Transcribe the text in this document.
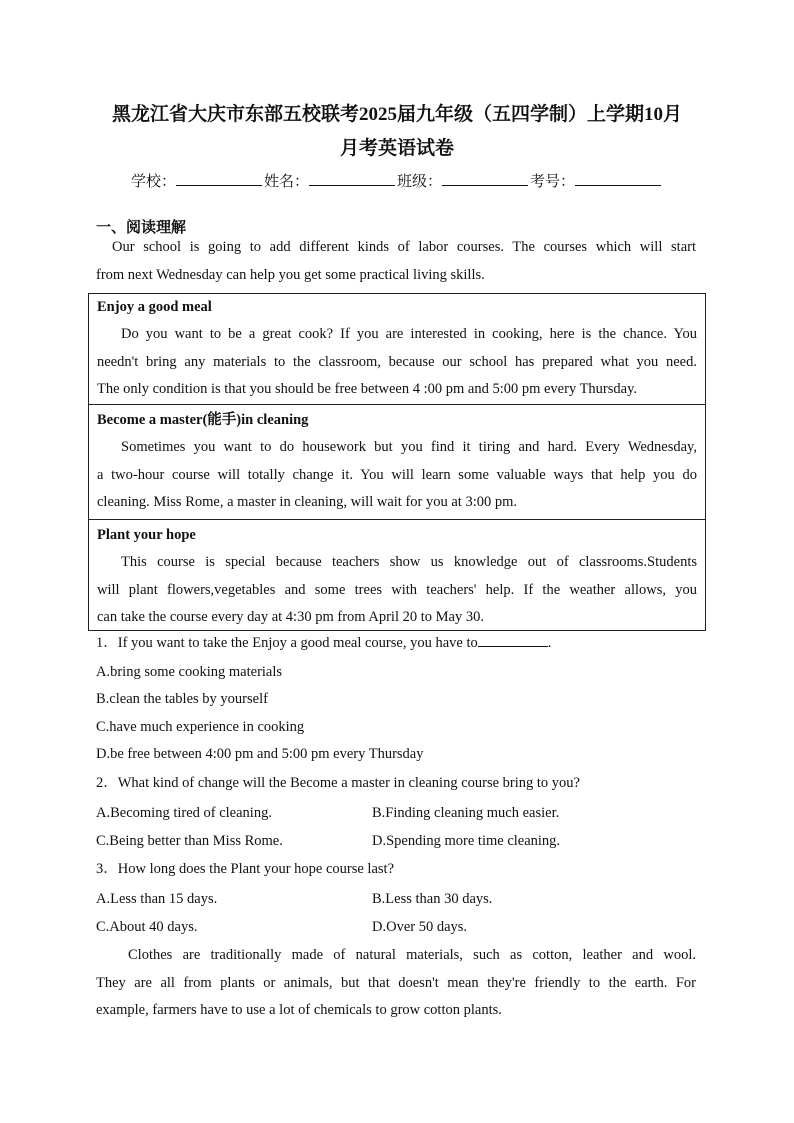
黑龙江省大庆市东部五校联考2025届九年级（五四学制）上学期10月
月考英语试卷
学校：	姓名：	班级：	考号：
一、阅读理解
Our school is going to add different kinds of labor courses. The courses which will start
from next Wednesday can help you get some practical living skills.
Enjoy a good meal
Do you want to be a great cook? If you are interested in cooking, here is the chance. You
needn't bring any materials to the classroom, because our school has prepared what you need.
The only condition is that you should be free between 4 :00 pm and 5:00 pm every Thursday.
Become a master(能手)in cleaning
Sometimes you want to do housework but you find it tiring and hard. Every Wednesday,
a two-hour course will totally change it. You will learn some valuable ways that help you do
cleaning. Miss Rome, a master in cleaning, will wait for you at 3:00 pm.
Plant your hope
This course is special because teachers show us knowledge out of classrooms.Students
will plant flowers,vegetables and some trees with teachers' help. If the weather allows, you
can take the course every day at 4:30 pm from April 20 to May 30.
1．If you want to take the Enjoy a good meal course, you have to	.
A.bring some cooking materials
B.clean the tables by yourself
C.have much experience in cooking
D.be free between 4:00 pm and 5:00 pm every Thursday
2．What kind of change will the Become a master in cleaning course bring to you?
A.Becoming tired of cleaning.	B.Finding cleaning much easier.
C.Being better than Miss Rome.	D.Spending more time cleaning.
3．How long does the Plant your hope course last?
A.Less than 15 days.	B.Less than 30 days.
C.About 40 days.	D.Over 50 days.
Clothes are traditionally made of natural materials, such as cotton, leather and wool.
They are all from plants or animals, but that doesn't mean they're friendly to the earth. For
example, farmers have to use a lot of chemicals to grow cotton plants.
